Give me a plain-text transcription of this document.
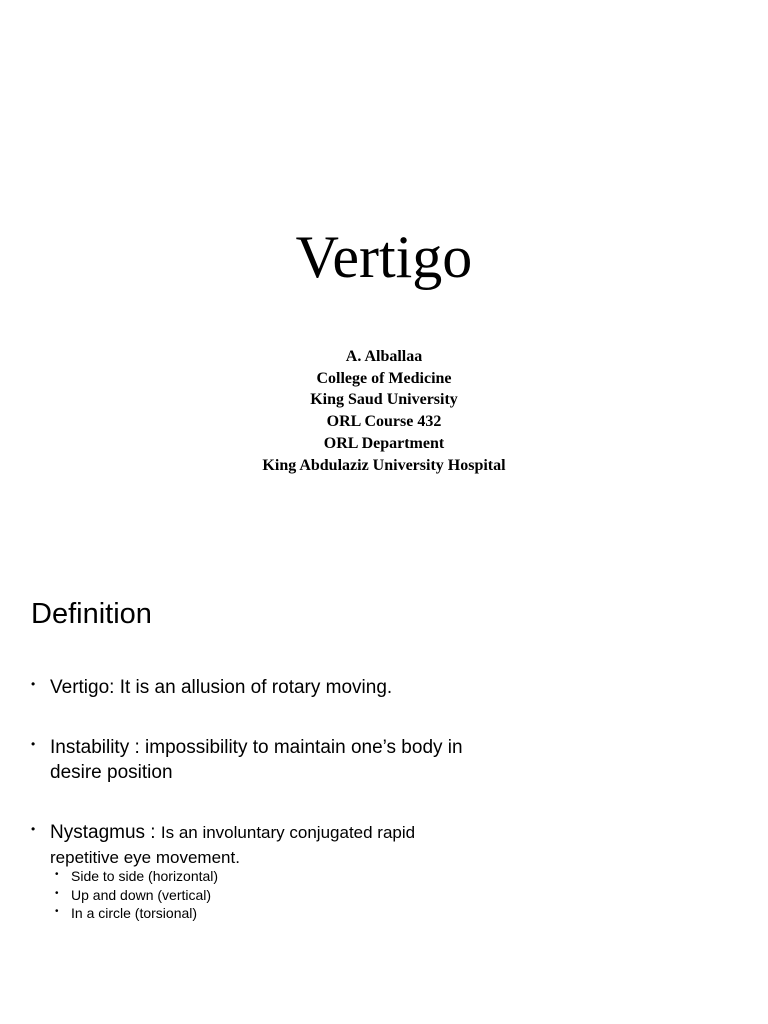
Vertigo
A. Alballaa
College of Medicine
King Saud University
ORL Course 432
ORL Department
King Abdulaziz University Hospital
Definition
• Vertigo: It is an allusion of rotary moving.
• Instability : impossibility to maintain one’s body in desire position
• Nystagmus : Is an involuntary conjugated rapid repetitive eye movement.
• Side to side (horizontal)
• Up and down (vertical)
• In a circle (torsional)
